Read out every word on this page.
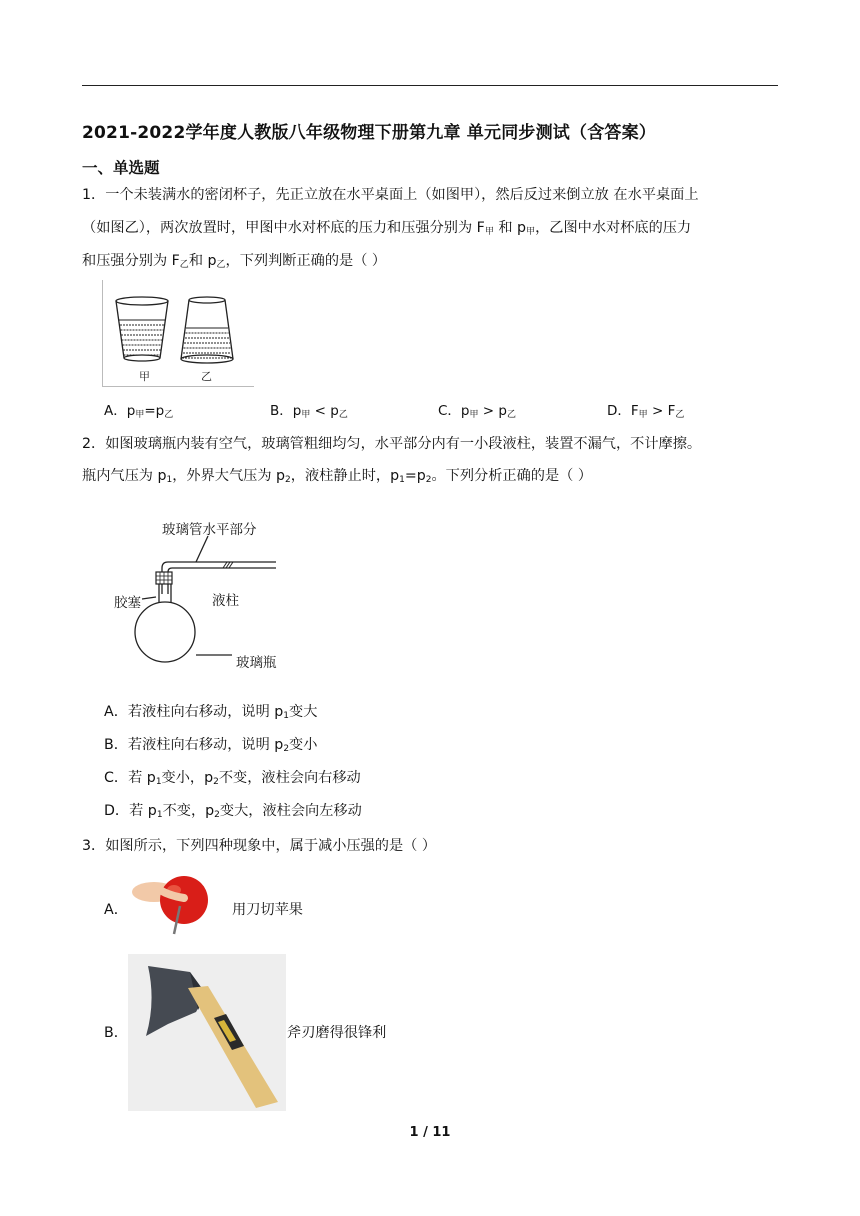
2021-2022学年度人教版八年级物理下册第九章 单元同步测试（含答案）
一、单选题
1．一个未装满水的密闭杯子，先正立放在水平桌面上（如图甲），然后反过来倒立放 在水平桌面上
（如图乙），两次放置时，甲图中水对杯底的压力和压强分别为 $F_甲$ 和 $p_甲$，乙图中水对杯底的压力
和压强分别为 $F_乙$和 $p_乙$，下列判断正确的是（ ）
甲	乙
A．$p_甲=p_乙$	B．$p_甲 < p_乙$	C．$p_甲 > p_乙$	D．$F_甲 > F_乙$
2．如图玻璃瓶内装有空气，玻璃管粗细均匀，水平部分内有一小段液柱，装置不漏气，不计摩擦。
瓶内气压为 $p_1$，外界大气压为 $p_2$，液柱静止时，$p_1=p_2$。下列分析正确的是（ ）
玻璃管水平部分
胶塞	液柱
玻璃瓶
A．若液柱向右移动，说明 $p_1$变大
B．若液柱向右移动，说明 $p_2$变小
C．若 $p_1$变小，$p_2$不变，液柱会向右移动
D．若 $p_1$不变，$p_2$变大，液柱会向左移动
3．如图所示，下列四种现象中，属于减小压强的是（ ）
A．	用刀切苹果
B．	斧刃磨得很锋利
1 / 11
